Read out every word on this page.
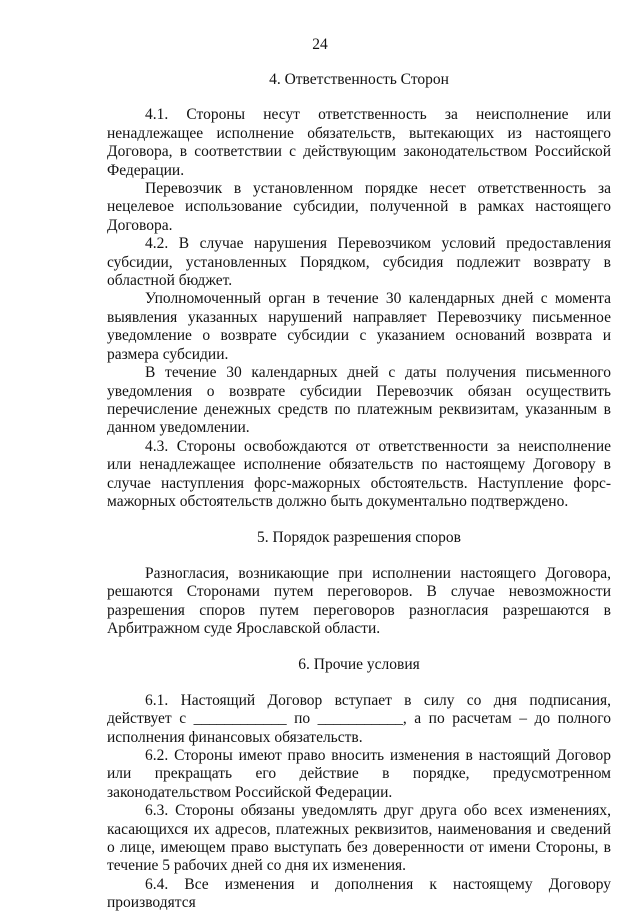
24

4. Ответственность Сторон

4.1. Стороны несут ответственность за неисполнение или ненадлежащее исполнение обязательств, вытекающих из настоящего Договора, в соответствии с действующим законодательством Российской Федерации.

Перевозчик в установленном порядке несет ответственность за нецелевое использование субсидии, полученной в рамках настоящего Договора.

4.2. В случае нарушения Перевозчиком условий предоставления субсидии, установленных Порядком, субсидия подлежит возврату в областной бюджет.

Уполномоченный орган в течение 30 календарных дней с момента выявления указанных нарушений направляет Перевозчику письменное уведомление о возврате субсидии с указанием оснований возврата и размера субсидии.

В течение 30 календарных дней с даты получения письменного уведомления о возврате субсидии Перевозчик обязан осуществить перечисление денежных средств по платежным реквизитам, указанным в данном уведомлении.

4.3. Стороны освобождаются от ответственности за неисполнение или ненадлежащее исполнение обязательств по настоящему Договору в случае наступления форс-мажорных обстоятельств. Наступление форс-мажорных обстоятельств должно быть документально подтверждено.

5. Порядок разрешения споров

Разногласия, возникающие при исполнении настоящего Договора, решаются Сторонами путем переговоров. В случае невозможности разрешения споров путем переговоров разногласия разрешаются в Арбитражном суде Ярославской области.

6. Прочие условия

6.1. Настоящий Договор вступает в силу со дня подписания, действует с ____________ по ___________, а по расчетам – до полного исполнения финансовых обязательств.

6.2. Стороны имеют право вносить изменения в настоящий Договор или прекращать его действие в порядке, предусмотренном законодательством Российской Федерации.

6.3. Стороны обязаны уведомлять друг друга обо всех изменениях, касающихся их адресов, платежных реквизитов, наименования и сведений о лице, имеющем право выступать без доверенности от имени Стороны, в течение 5 рабочих дней со дня их изменения.

6.4. Все изменения и дополнения к настоящему Договору производятся
